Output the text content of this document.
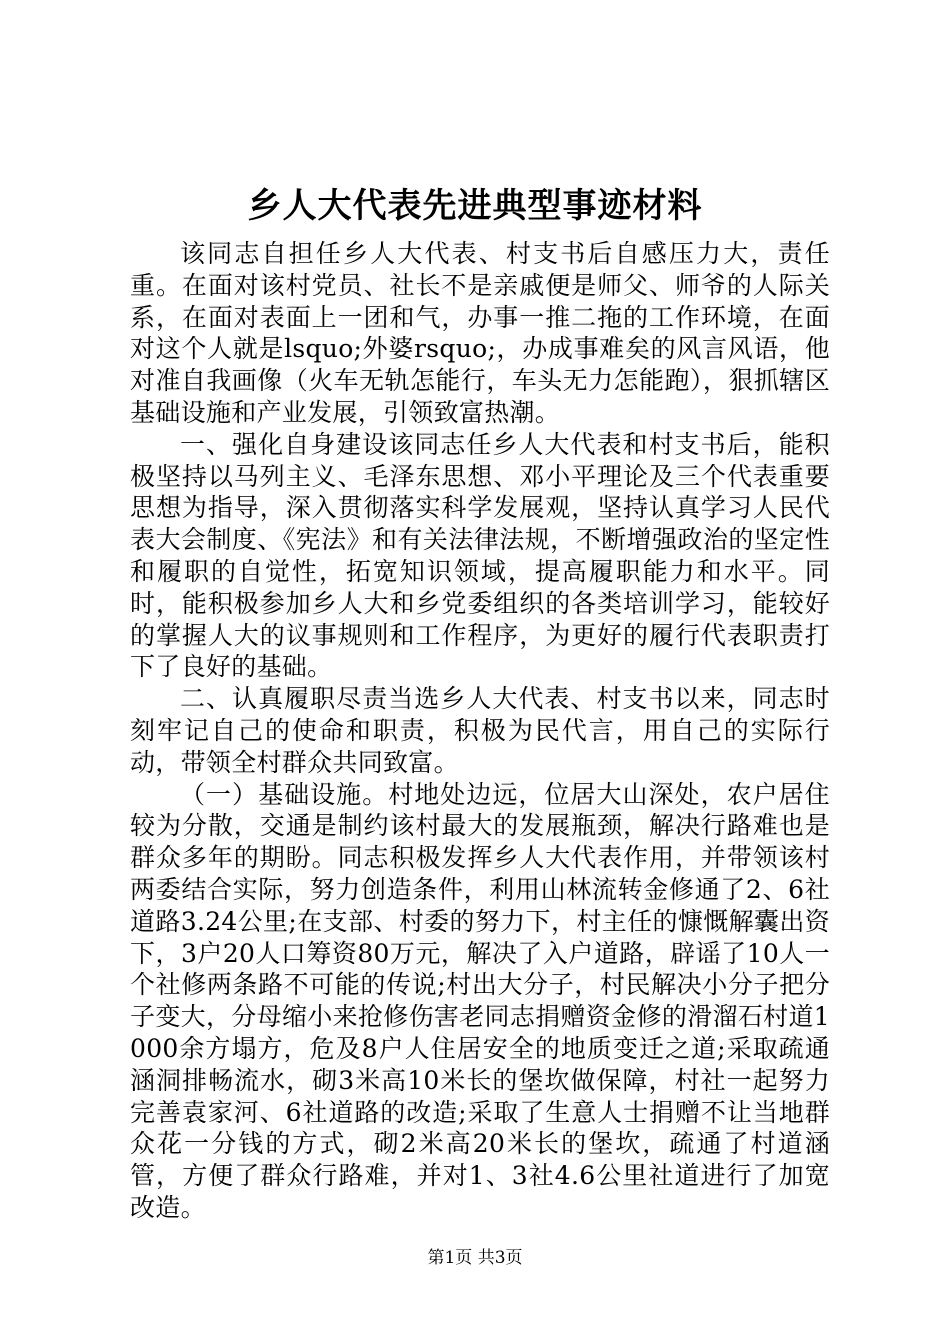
乡人大代表先进典型事迹材料

该同志自担任乡人大代表、村支书后自感压力大，责任重。在面对该村党员、社长不是亲戚便是师父、师爷的人际关系，在面对表面上一团和气，办事一推二拖的工作环境，在面对这个人就是lsquo;外婆rsquo;，办成事难矣的风言风语，他对准自我画像（火车无轨怎能行，车头无力怎能跑），狠抓辖区基础设施和产业发展，引领致富热潮。

一、强化自身建设该同志任乡人大代表和村支书后，能积极坚持以马列主义、毛泽东思想、邓小平理论及三个代表重要思想为指导，深入贯彻落实科学发展观，坚持认真学习人民代表大会制度、《宪法》和有关法律法规，不断增强政治的坚定性和履职的自觉性，拓宽知识领域，提高履职能力和水平。同时，能积极参加乡人大和乡党委组织的各类培训学习，能较好的掌握人大的议事规则和工作程序，为更好的履行代表职责打下了良好的基础。

二、认真履职尽责当选乡人大代表、村支书以来，同志时刻牢记自己的使命和职责，积极为民代言，用自己的实际行动，带领全村群众共同致富。

（一）基础设施。村地处边远，位居大山深处，农户居住较为分散，交通是制约该村最大的发展瓶颈，解决行路难也是群众多年的期盼。同志积极发挥乡人大代表作用，并带领该村两委结合实际，努力创造条件，利用山林流转金修通了2、6社道路3.24公里;在支部、村委的努力下，村主任的慷慨解囊出资下，3户20人口筹资80万元，解决了入户道路，辟谣了10人一个社修两条路不可能的传说;村出大分子，村民解决小分子把分子变大，分母缩小来抢修伤害老同志捐赠资金修的滑溜石村道1000余方塌方，危及8户人住居安全的地质变迁之道;采取疏通涵洞排畅流水，砌3米高10米长的堡坎做保障，村社一起努力完善袁家河、6社道路的改造;采取了生意人士捐赠不让当地群众花一分钱的方式，砌2米高20米长的堡坎，疏通了村道涵管，方便了群众行路难，并对1、3社4.6公里社道进行了加宽改造。

第1页 共3页
